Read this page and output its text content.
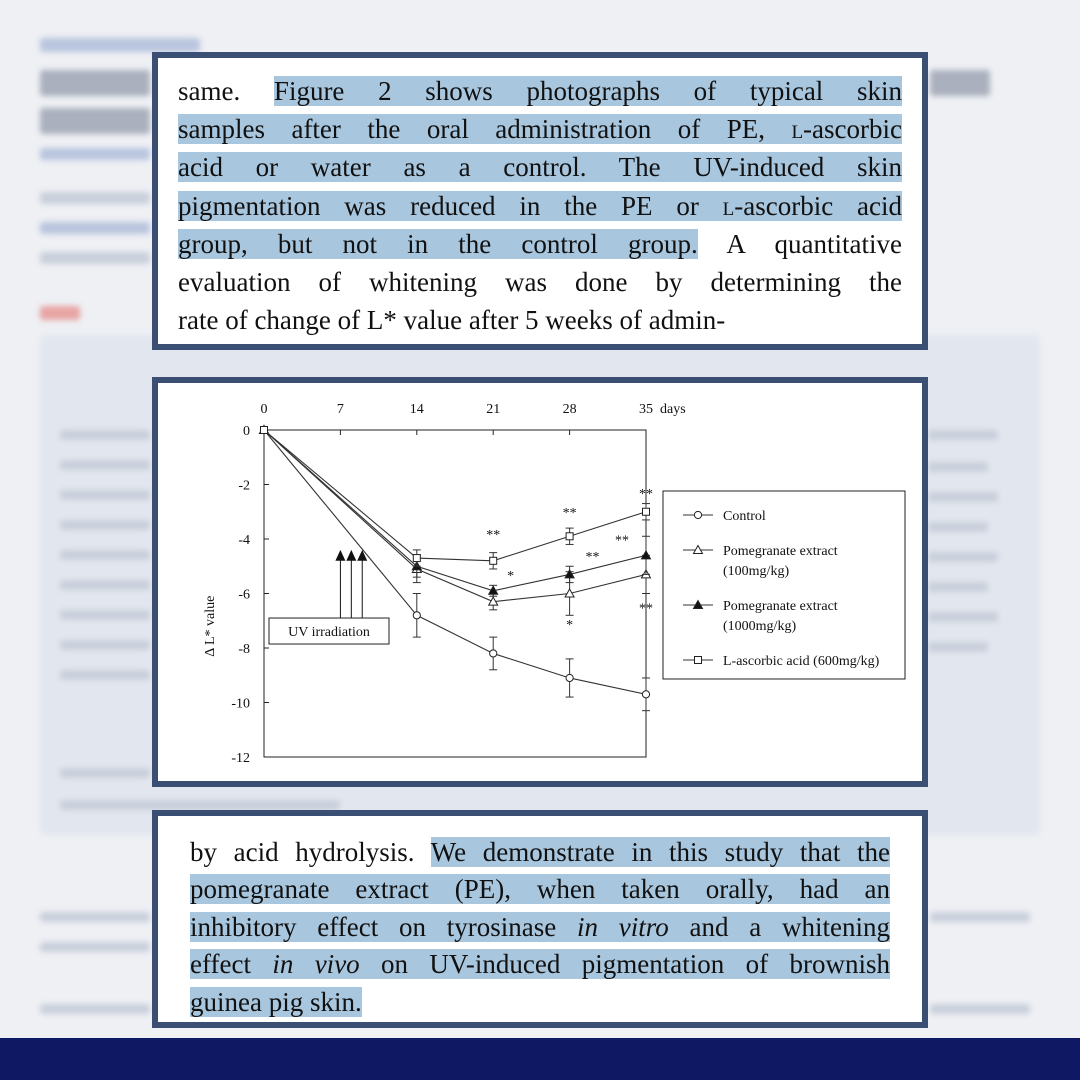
same. Figure 2 shows photographs of typical skin
samples after the oral administration of PE, l-ascorbic
acid or water as a control. The UV-induced skin
pigmentation was reduced in the PE or l-ascorbic acid
group, but not in the control group. A quantitative
evaluation of whitening was done by determining the
rate of change of L* value after 5 weeks of admin-

0	7	14	21	28	35 days
0
-2
-4
-6
-8
-10
-12
Δ L* value
**
**
**
*
**
**
*
**
UV irradiation
Control
Pomegranate extract
(100mg/kg)
Pomegranate extract
(1000mg/kg)
L-ascorbic acid (600mg/kg)

by acid hydrolysis. We demonstrate in this study that the
pomegranate extract (PE), when taken orally, had an
inhibitory effect on tyrosinase in vitro and a whitening
effect in vivo on UV-induced pigmentation of brownish
guinea pig skin.
